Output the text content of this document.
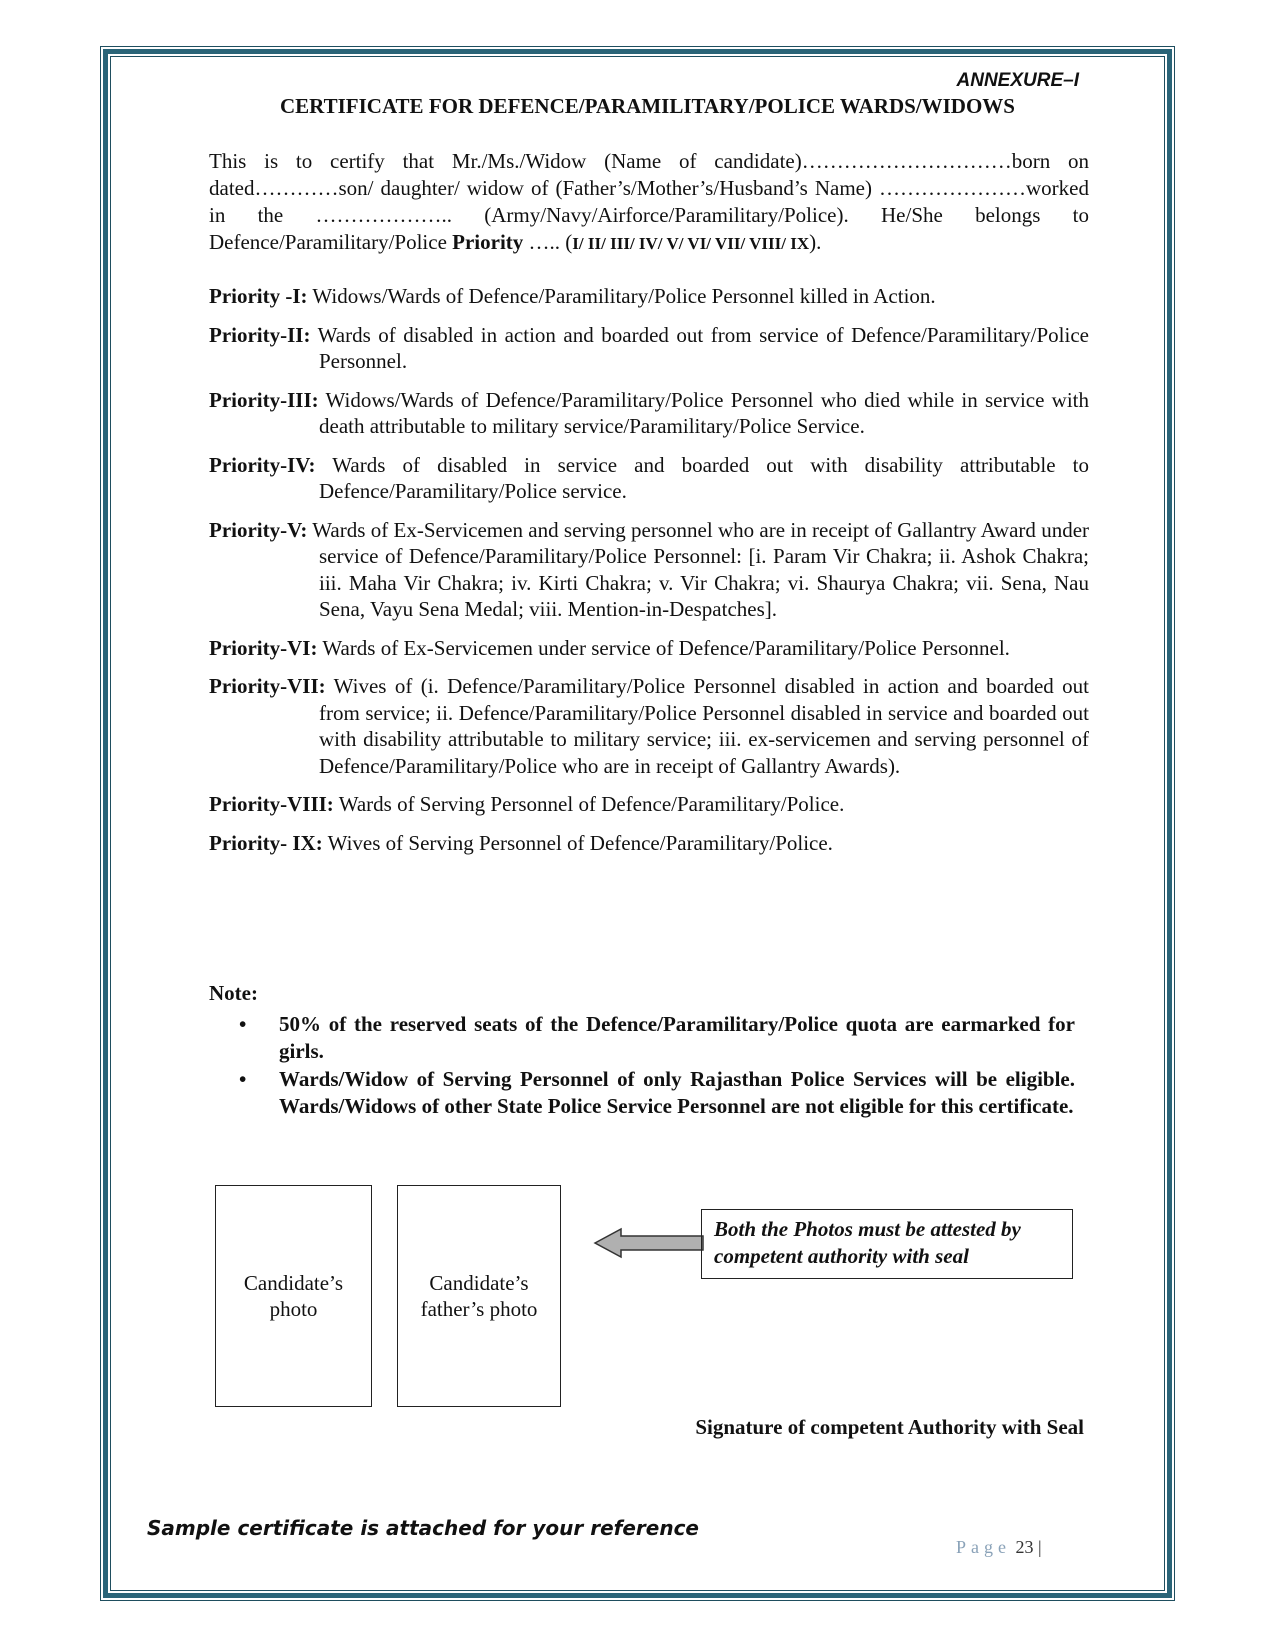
ANNEXURE–I
CERTIFICATE FOR DEFENCE/PARAMILITARY/POLICE WARDS/WIDOWS
This is to certify that Mr./Ms./Widow (Name of candidate)…………………………born on dated…………son/ daughter/ widow of (Father’s/Mother’s/Husband’s Name) …………………worked in the ……………….. (Army/Navy/Airforce/Paramilitary/Police). He/She belongs to Defence/Paramilitary/Police Priority ….. (I/ II/ III/ IV/ V/ VI/ VII/ VIII/ IX).
Priority -I: Widows/Wards of Defence/Paramilitary/Police Personnel killed in Action.
Priority-II: Wards of disabled in action and boarded out from service of Defence/Paramilitary/Police Personnel.
Priority-III: Widows/Wards of Defence/Paramilitary/Police Personnel who died while in service with death attributable to military service/Paramilitary/Police Service.
Priority-IV: Wards of disabled in service and boarded out with disability attributable to Defence/Paramilitary/Police service.
Priority-V: Wards of Ex-Servicemen and serving personnel who are in receipt of Gallantry Award under service of Defence/Paramilitary/Police Personnel: [i. Param Vir Chakra; ii. Ashok Chakra; iii. Maha Vir Chakra; iv. Kirti Chakra; v. Vir Chakra; vi. Shaurya Chakra; vii. Sena, Nau Sena, Vayu Sena Medal; viii. Mention-in-Despatches].
Priority-VI: Wards of Ex-Servicemen under service of Defence/Paramilitary/Police Personnel.
Priority-VII: Wives of (i. Defence/Paramilitary/Police Personnel disabled in action and boarded out from service; ii. Defence/Paramilitary/Police Personnel disabled in service and boarded out with disability attributable to military service; iii. ex-servicemen and serving personnel of Defence/Paramilitary/Police who are in receipt of Gallantry Awards).
Priority-VIII: Wards of Serving Personnel of Defence/Paramilitary/Police.
Priority- IX: Wives of Serving Personnel of Defence/Paramilitary/Police.
Note:
• 50% of the reserved seats of the Defence/Paramilitary/Police quota are earmarked for girls.
• Wards/Widow of Serving Personnel of only Rajasthan Police Services will be eligible. Wards/Widows of other State Police Service Personnel are not eligible for this certificate.
Candidate’s
photo
Candidate’s
father’s photo
Both the Photos must be attested by competent authority with seal
Signature of competent Authority with Seal
Sample certificate is attached for your reference
Page 23 |
